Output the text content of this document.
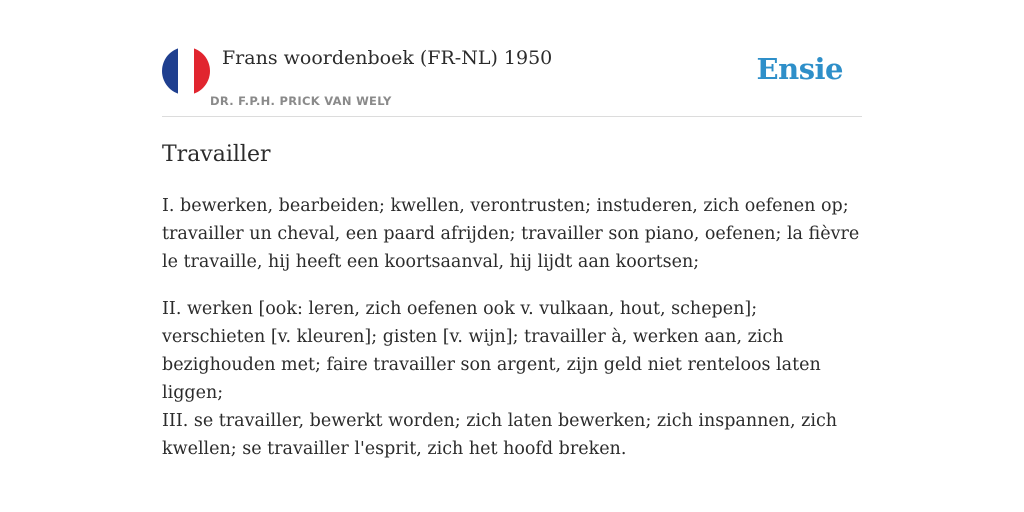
Frans woordenboek (FR-NL) 1950
DR. F.P.H. PRICK VAN WELY
Ensie
Travailler

I. bewerken, bearbeiden; kwellen, verontrusten; instuderen, zich oefenen op; travailler un cheval, een paard afrijden; travailler son piano, oefenen; la fièvre le travaille, hij heeft een koortsaanval, hij lijdt aan koortsen;

II. werken [ook: leren, zich oefenen ook v. vulkaan, hout, schepen]; verschieten [v. kleuren]; gisten [v. wijn]; travailler à, werken aan, zich bezighouden met; faire travailler son argent, zijn geld niet renteloos laten liggen;

III. se travailler, bewerkt worden; zich laten bewerken; zich inspannen, zich kwellen; se travailler l'esprit, zich het hoofd breken.
